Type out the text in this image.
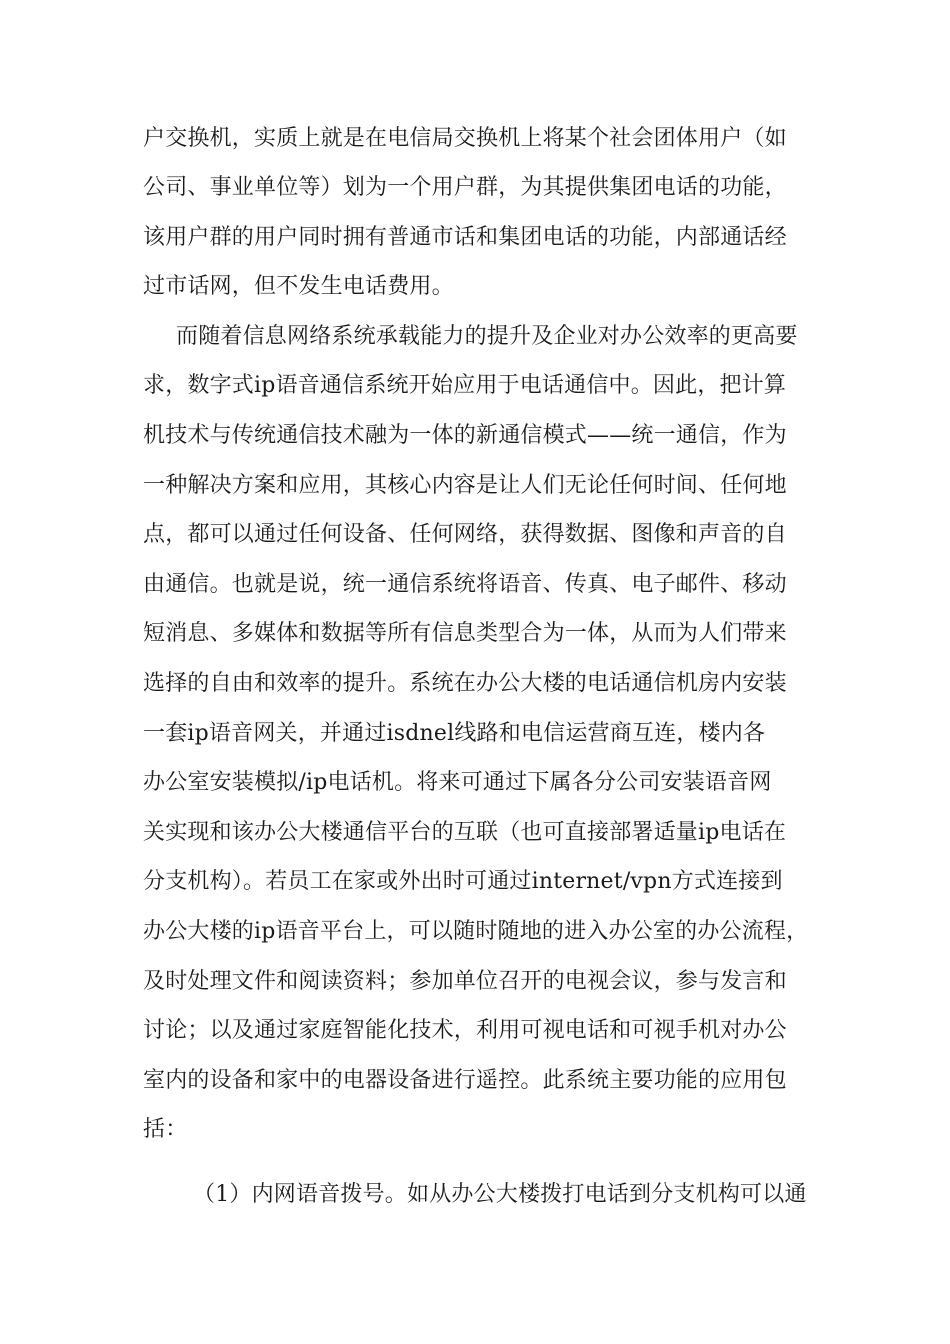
户交换机，实质上就是在电信局交换机上将某个社会团体用户（如
公司、事业单位等）划为一个用户群，为其提供集团电话的功能，
该用户群的用户同时拥有普通市话和集团电话的功能，内部通话经
过市话网，但不发生电话费用。
而随着信息网络系统承载能力的提升及企业对办公效率的更高要
求，数字式ip语音通信系统开始应用于电话通信中。因此，把计算
机技术与传统通信技术融为一体的新通信模式——统一通信，作为
一种解决方案和应用，其核心内容是让人们无论任何时间、任何地
点，都可以通过任何设备、任何网络，获得数据、图像和声音的自
由通信。也就是说，统一通信系统将语音、传真、电子邮件、移动
短消息、多媒体和数据等所有信息类型合为一体，从而为人们带来
选择的自由和效率的提升。系统在办公大楼的电话通信机房内安装
一套ip语音网关，并通过isdnel线路和电信运营商互连，楼内各
办公室安装模拟/ip电话机。将来可通过下属各分公司安装语音网
关实现和该办公大楼通信平台的互联（也可直接部署适量ip电话在
分支机构）。若员工在家或外出时可通过internet/vpn方式连接到
办公大楼的ip语音平台上，可以随时随地的进入办公室的办公流程，
及时处理文件和阅读资料；参加单位召开的电视会议，参与发言和
讨论；以及通过家庭智能化技术，利用可视电话和可视手机对办公
室内的设备和家中的电器设备进行遥控。此系统主要功能的应用包
括：
（1）内网语音拨号。如从办公大楼拨打电话到分支机构可以通
